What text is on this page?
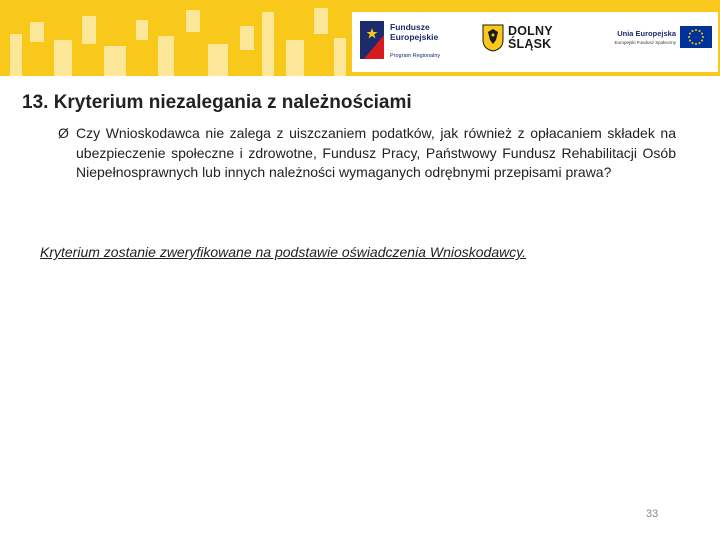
Fundusze
Europejskie
Program Regionalny
DOLNY
ŚLĄSK
Unia Europejska
Europejski Fundusz Społeczny
13. Kryterium niezalegania z należnościami
Ø Czy Wnioskodawca nie zalega z uiszczaniem podatków, jak również z opłacaniem składek na ubezpieczenie społeczne i zdrowotne, Fundusz Pracy, Państwowy Fundusz Rehabilitacji Osób Niepełnosprawnych lub innych należności wymaganych odrębnymi przepisami prawa?

Kryterium zostanie zweryfikowane na podstawie oświadczenia Wnioskodawcy.
33
